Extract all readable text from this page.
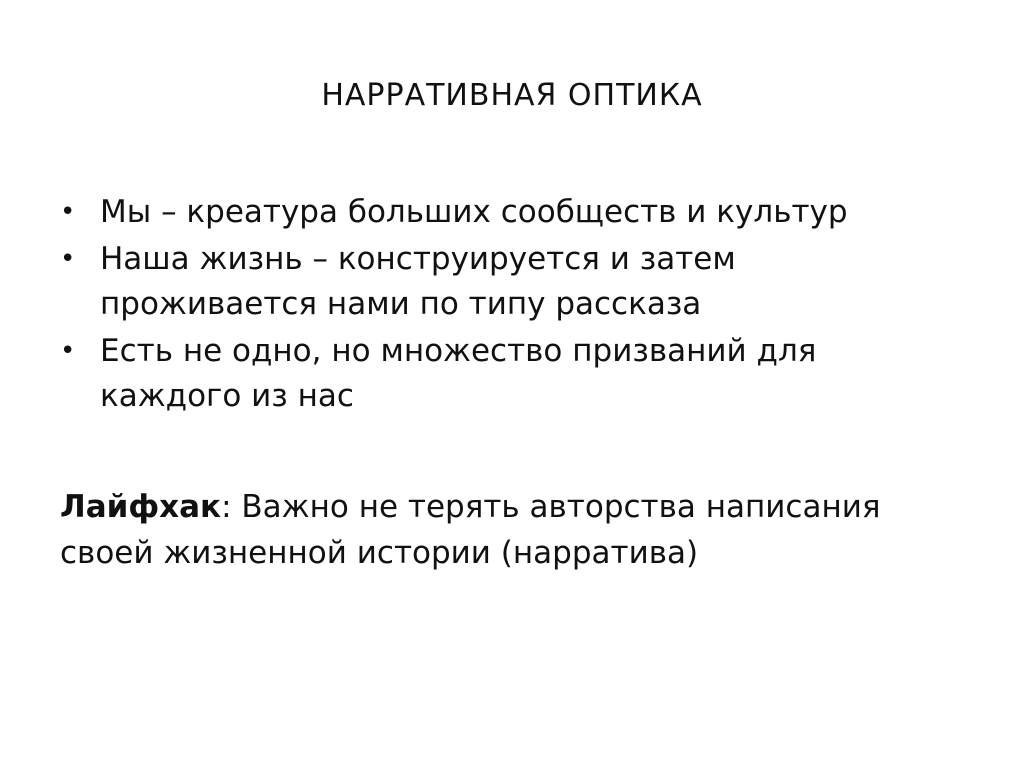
НАРРАТИВНАЯ ОПТИКА
• Мы – креатура больших сообществ и культур
• Наша жизнь – конструируется и затем проживается нами по типу рассказа
• Есть не одно, но множество призваний для каждого из нас
Лайфхак: Важно не терять авторства написания своей жизненной истории (нарратива)
